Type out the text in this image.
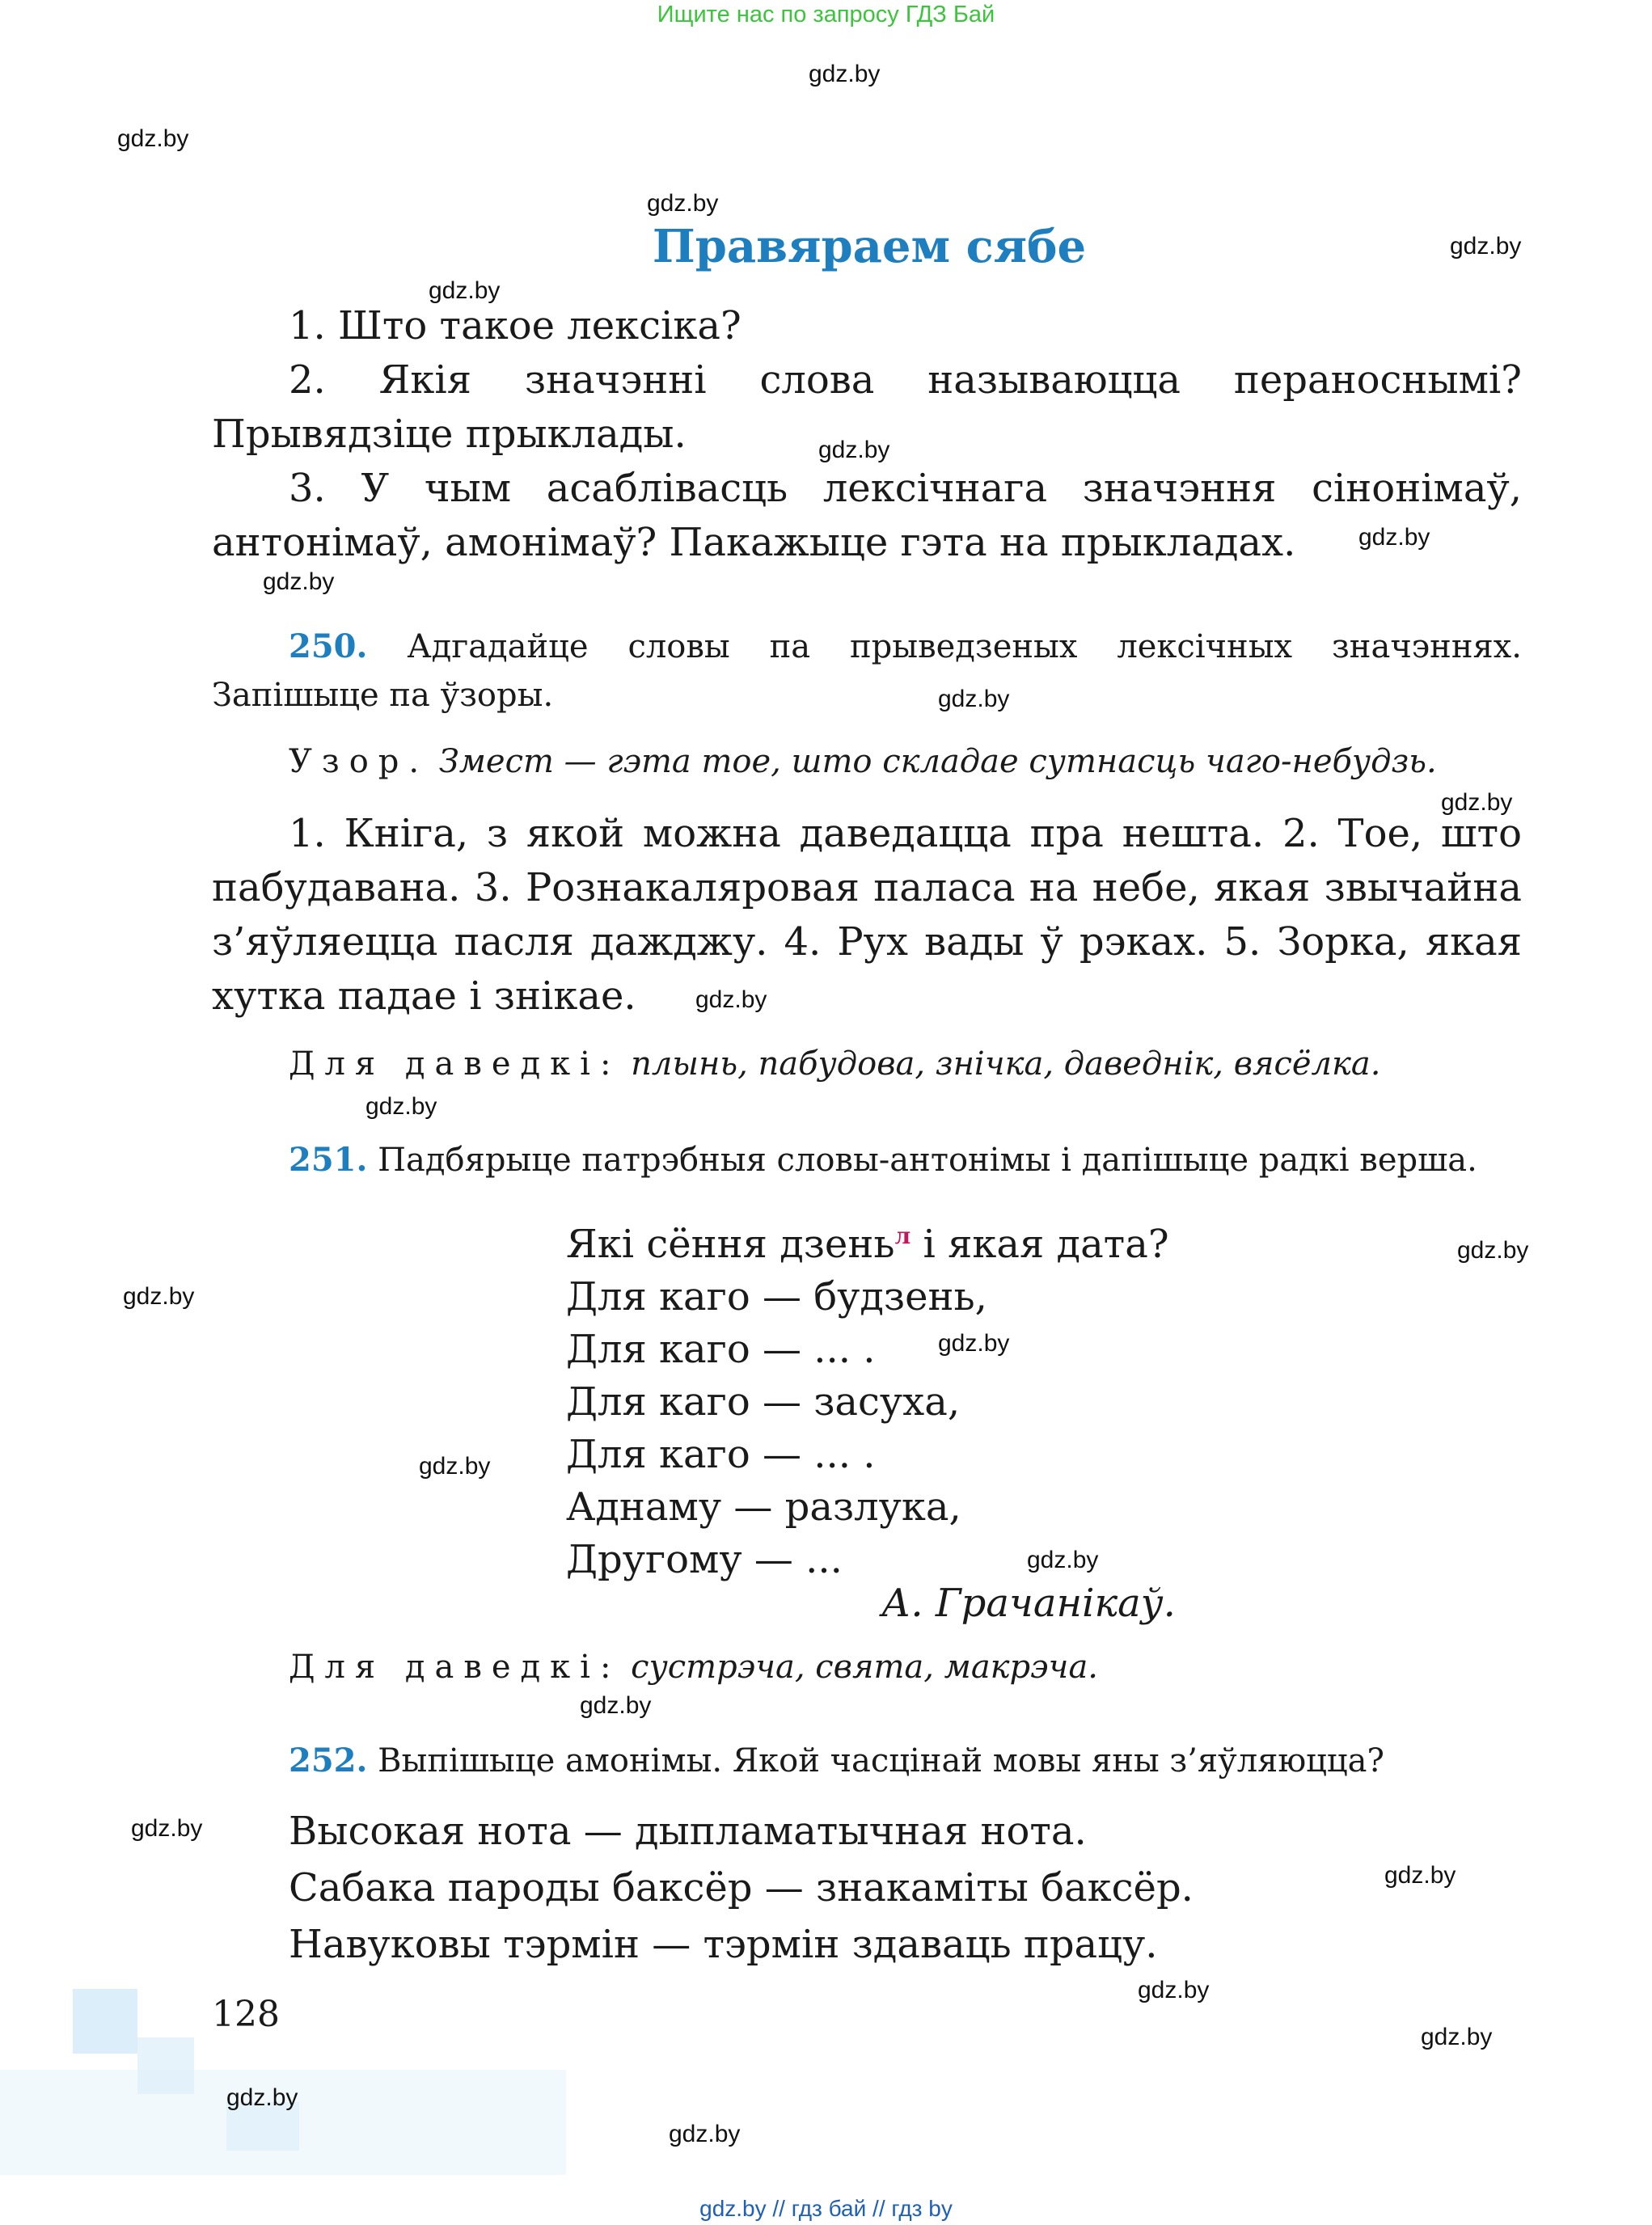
Ищите нас по запросу ГДЗ Бай
gdz.by
gdz.by
gdz.by
gdz.by
gdz.by
gdz.by
gdz.by
gdz.by
gdz.by
gdz.by
gdz.by
gdz.by
gdz.by
gdz.by
gdz.by
gdz.by
gdz.by
gdz.by
gdz.by
gdz.by
gdz.by
gdz.by
gdz.by
gdz.by
Правяраем сябе

1. Што такое лексіка?

2. Якія значэнні слова называюцца пераноснымі? Прывядзіце прыклады.

3. У чым асаблівасць лексічнага значэння сінонімаў, антонімаў, амонімаў? Пакажыце гэта на прыкладах.

250. Адгадайце словы па прыведзеных лексічных значэннях. Запішыце па ўзоры.

Узор. Змест — гэта тое, што складае сутнасць чаго-небудзь.

1. Кніга, з якой можна даведацца пра нешта. 2. Тое, што пабудавана. 3. Рознакаляровая паласа на небе, якая звычайна з’яўляецца пасля дажджу. 4. Рух вады ў рэках. 5. Зорка, якая хутка падае і знікае.

Для даведкі: плынь, пабудова, знічка, даведнік, вясёлка.

251. Падбярыце патрэбныя словы-антонімы і дапішыце радкі верша.

Які сёння дзень$^л$ і якая дата?
Для каго — будзень,
Для каго — ... .
Для каго — засуха,
Для каго — ... .
Аднаму — разлука,
Другому — ...
А. Грачанікаў.

Для даведкі: сустрэча, свята, макрэча.

252. Выпішыце амонімы. Якой часцінай мовы яны з’яўляюцца?

Высокая нота — дыпламатычная нота.

Сабака пароды баксёр — знакаміты баксёр.

Навуковы тэрмін — тэрмін здаваць працу.

128
gdz.by // гдз бай // гдз by
